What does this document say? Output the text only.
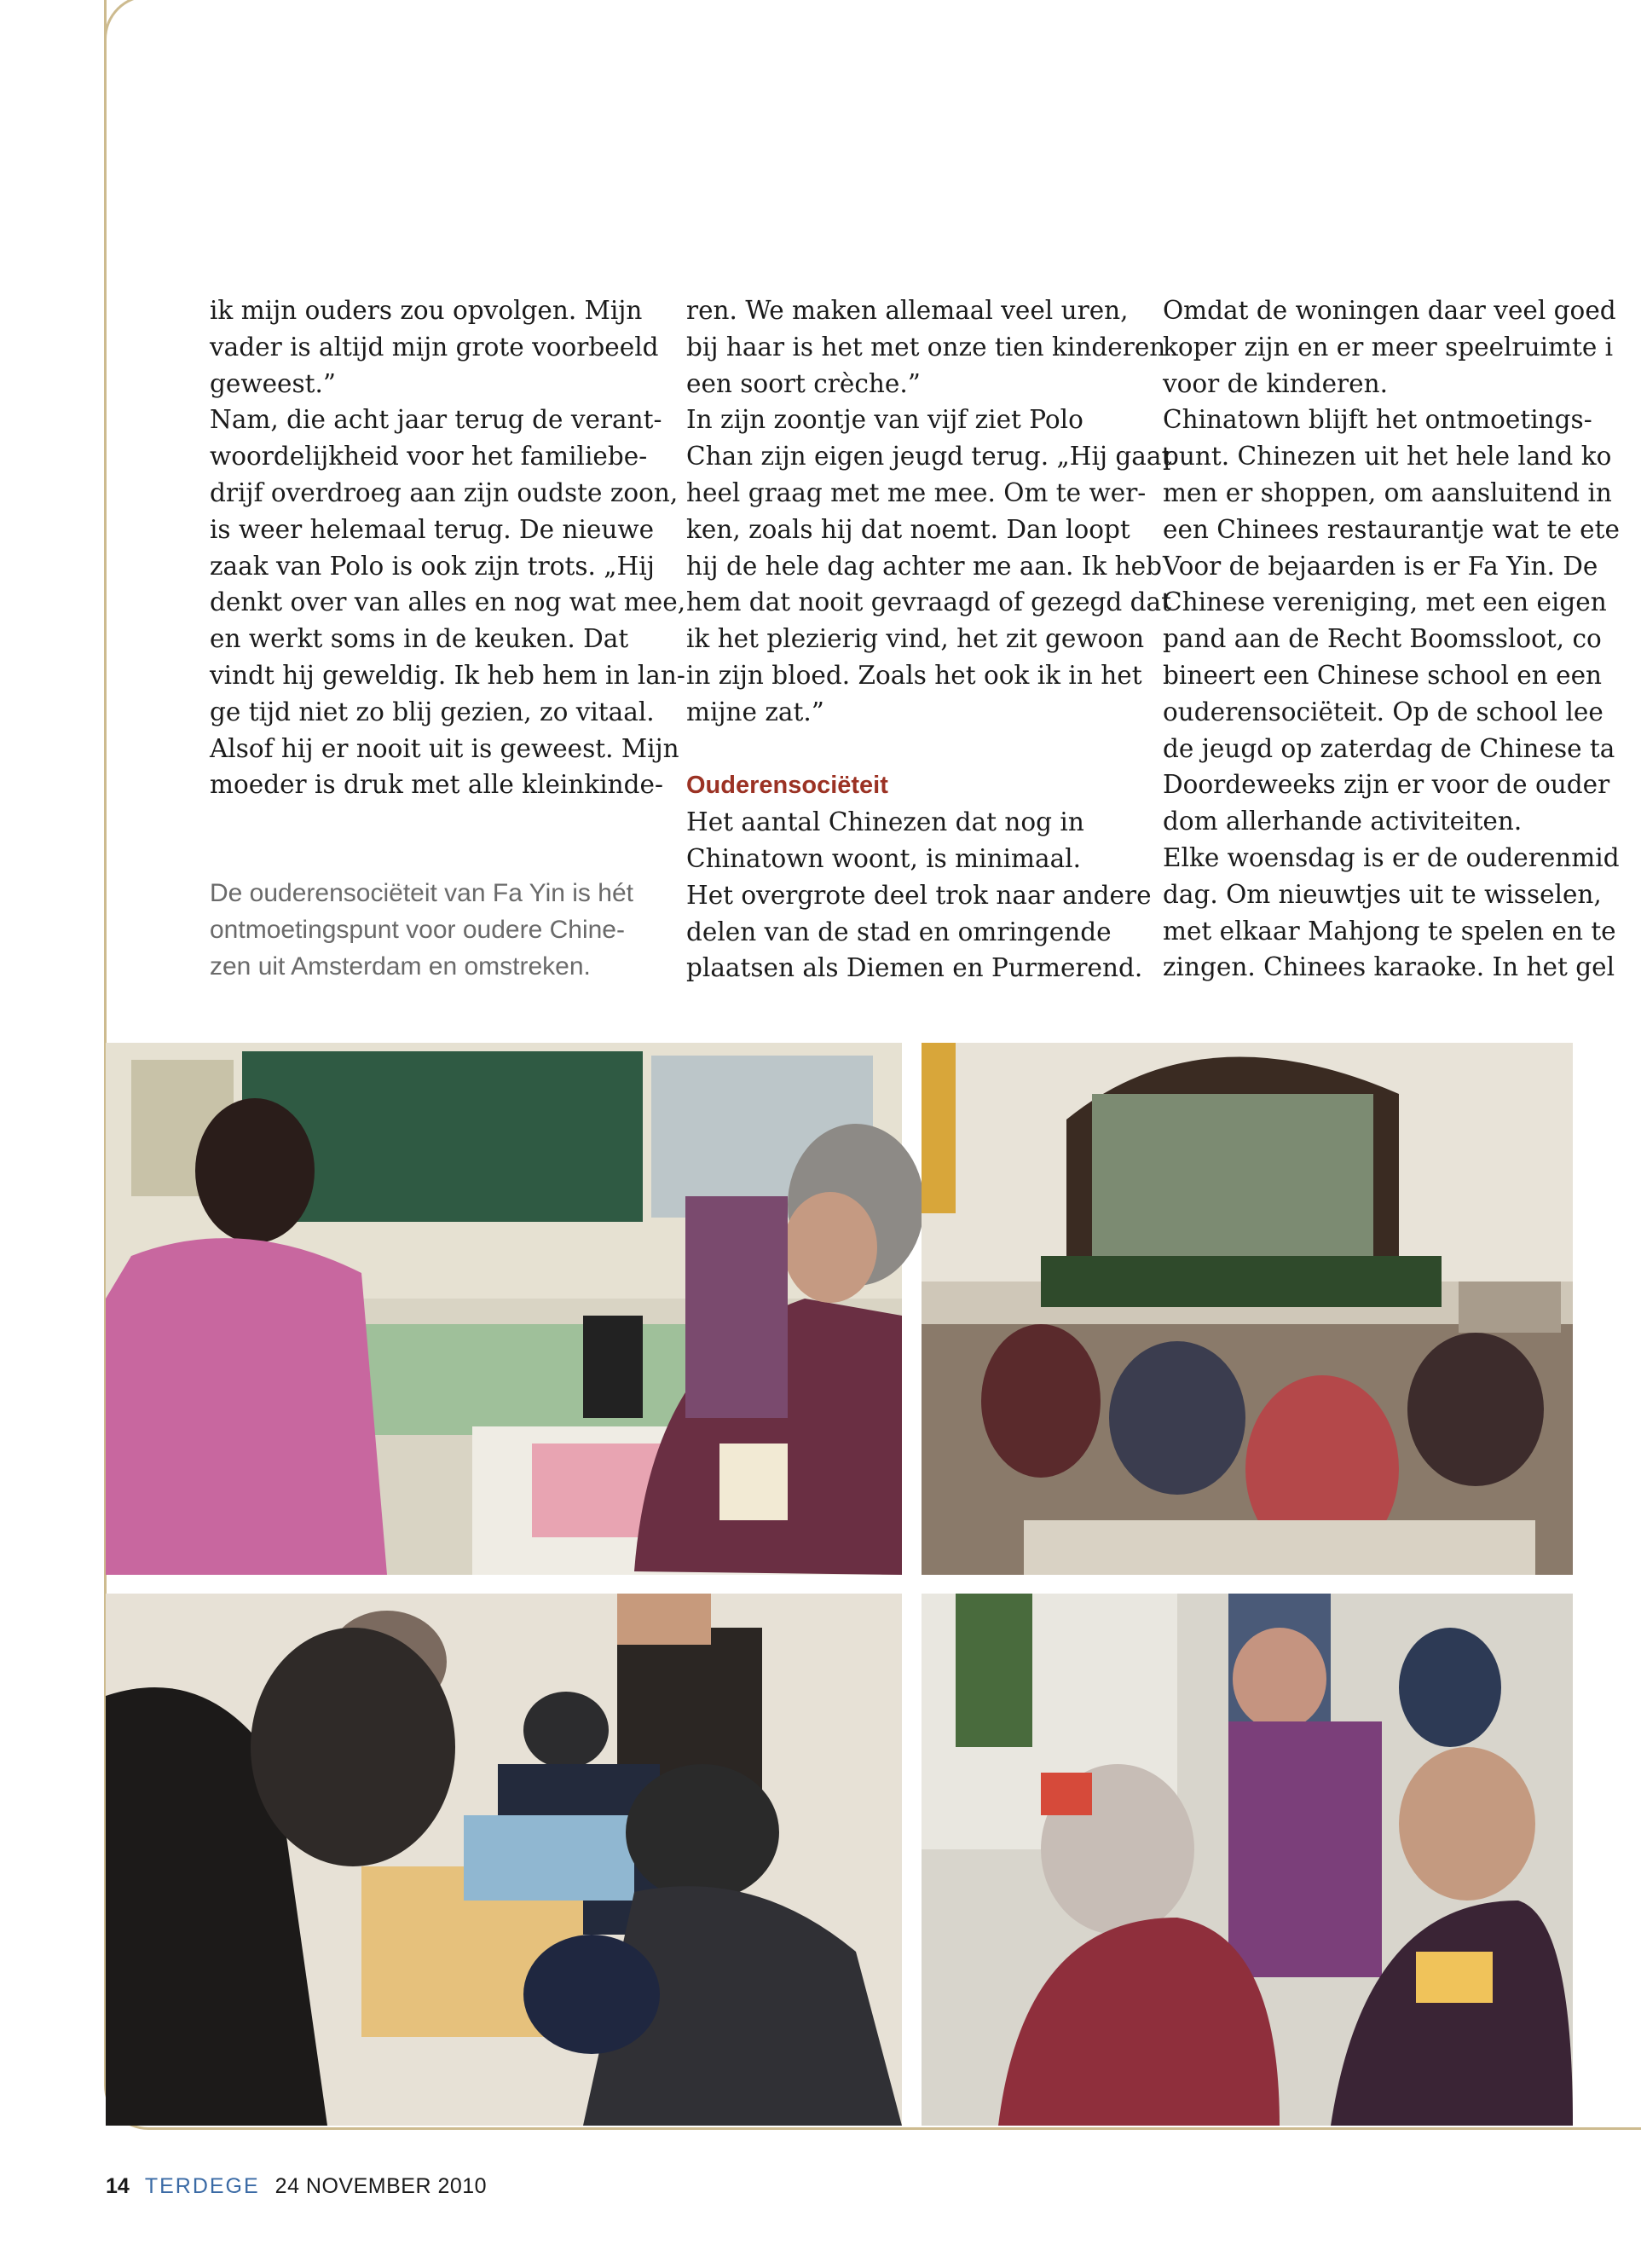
ik mijn ouders zou opvolgen. Mijn
vader is altijd mijn grote voorbeeld
geweest.”
Nam, die acht jaar terug de verant-
woordelijkheid voor het familiebe-
drijf overdroeg aan zijn oudste zoon,
is weer helemaal terug. De nieuwe
zaak van Polo is ook zijn trots. „Hij
denkt over van alles en nog wat mee,
en werkt soms in de keuken. Dat
vindt hij geweldig. Ik heb hem in lan-
ge tijd niet zo blij gezien, zo vitaal.
Alsof hij er nooit uit is geweest. Mijn
moeder is druk met alle kleinkinde-

ren. We maken allemaal veel uren,
bij haar is het met onze tien kinderen
een soort crèche.”
In zijn zoontje van vijf ziet Polo
Chan zijn eigen jeugd terug. „Hij gaat
heel graag met me mee. Om te wer-
ken, zoals hij dat noemt. Dan loopt
hij de hele dag achter me aan. Ik heb
hem dat nooit gevraagd of gezegd dat
ik het plezierig vind, het zit gewoon
in zijn bloed. Zoals het ook ik in het
mijne zat.”

Ouderensociëteit
Het aantal Chinezen dat nog in
Chinatown woont, is minimaal.
Het overgrote deel trok naar andere
delen van de stad en omringende
plaatsen als Diemen en Purmerend.

Omdat de woningen daar veel goed
koper zijn en er meer speelruimte i
voor de kinderen.
Chinatown blijft het ontmoetings-
punt. Chinezen uit het hele land ko
men er shoppen, om aansluitend in
een Chinees restaurantje wat te ete
Voor de bejaarden is er Fa Yin. De
Chinese vereniging, met een eigen
pand aan de Recht Boomssloot, co
bineert een Chinese school en een
ouderensociëteit. Op de school lee
de jeugd op zaterdag de Chinese ta
Doordeweeks zijn er voor de ouder
dom allerhande activiteiten.
Elke woensdag is er de ouderenmid
dag. Om nieuwtjes uit te wisselen,
met elkaar Mahjong te spelen en te
zingen. Chinees karaoke. In het gel

De ouderensociëteit van Fa Yin is hét
ontmoetingspunt voor oudere Chine-
zen uit Amsterdam en omstreken.
14 TERDEGE 24 NOVEMBER 2010
